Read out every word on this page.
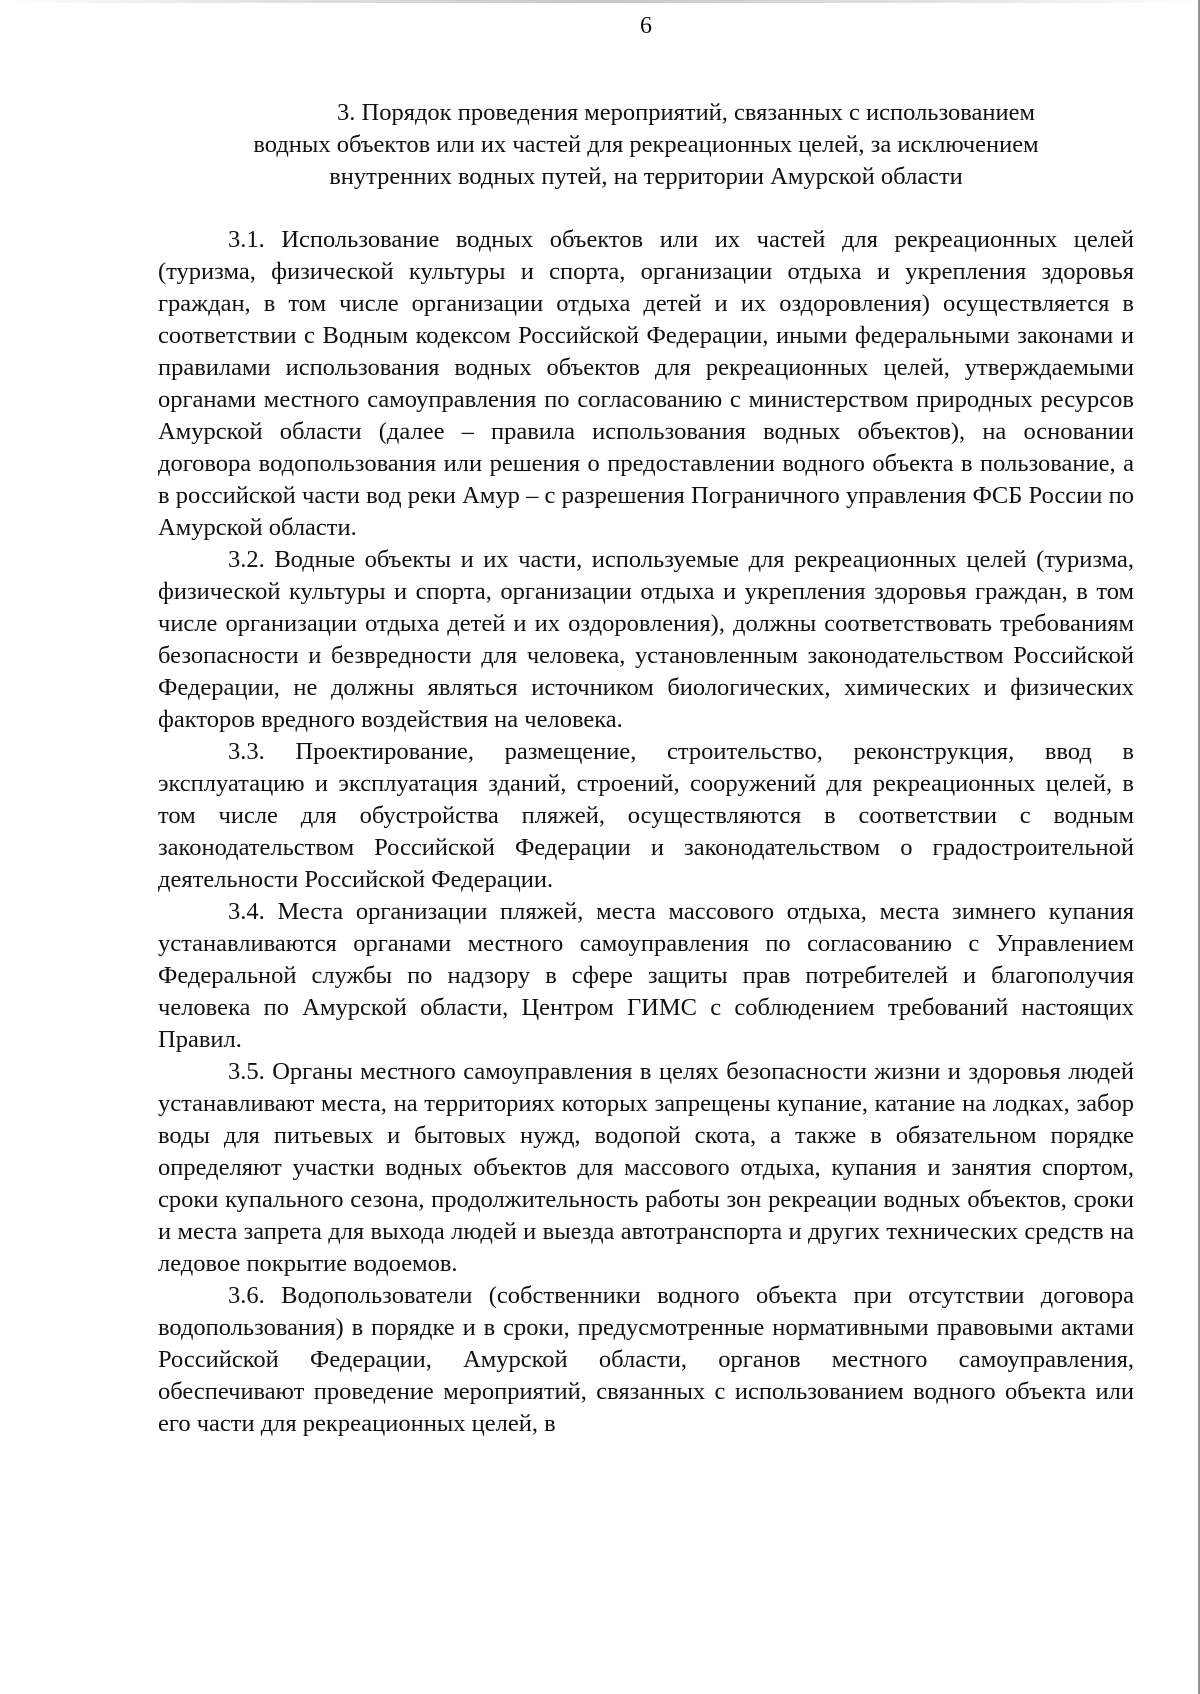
6
3. Порядок проведения мероприятий, связанных с использованием
водных объектов или их частей для рекреационных целей, за исключением
внутренних водных путей, на территории Амурской области

3.1. Использование водных объектов или их частей для рекреационных целей (туризма, физической культуры и спорта, организации отдыха и укрепления здоровья граждан, в том числе организации отдыха детей и их оздоровления) осуществляется в соответствии с Водным кодексом Российской Федерации, иными федеральными законами и правилами использования водных объектов для рекреационных целей, утверждаемыми органами местного самоуправления по согласованию с министерством природных ресурсов Амурской области (далее – правила использования водных объектов), на основании договора водопользования или решения о предоставлении водного объекта в пользование, а в российской части вод реки Амур – с разрешения Пограничного управления ФСБ России по Амурской области.

3.2. Водные объекты и их части, используемые для рекреационных целей (туризма, физической культуры и спорта, организации отдыха и укрепления здоровья граждан, в том числе организации отдыха детей и их оздоровления), должны соответствовать требованиям безопасности и безвредности для человека, установленным законодательством Российской Федерации, не должны являться источником биологических, химических и физических факторов вредного воздействия на человека.

3.3. Проектирование, размещение, строительство, реконструкция, ввод в эксплуатацию и эксплуатация зданий, строений, сооружений для рекреационных целей, в том числе для обустройства пляжей, осуществляются в соответствии с водным законодательством Российской Федерации и законодательством о градостроительной деятельности Российской Федерации.

3.4. Места организации пляжей, места массового отдыха, места зимнего купания устанавливаются органами местного самоуправления по согласованию с Управлением Федеральной службы по надзору в сфере защиты прав потребителей и благополучия человека по Амурской области, Центром ГИМС с соблюдением требований настоящих Правил.

3.5. Органы местного самоуправления в целях безопасности жизни и здоровья людей устанавливают места, на территориях которых запрещены купание, катание на лодках, забор воды для питьевых и бытовых нужд, водопой скота, а также в обязательном порядке определяют участки водных объектов для массового отдыха, купания и занятия спортом, сроки купального сезона, продолжительность работы зон рекреации водных объектов, сроки и места запрета для выхода людей и выезда автотранспорта и других технических средств на ледовое покрытие водоемов.

3.6. Водопользователи (собственники водного объекта при отсутствии договора водопользования) в порядке и в сроки, предусмотренные нормативными правовыми актами Российской Федерации, Амурской области, органов местного самоуправления, обеспечивают проведение мероприятий, связанных с использованием водного объекта или его части для рекреационных целей, в
